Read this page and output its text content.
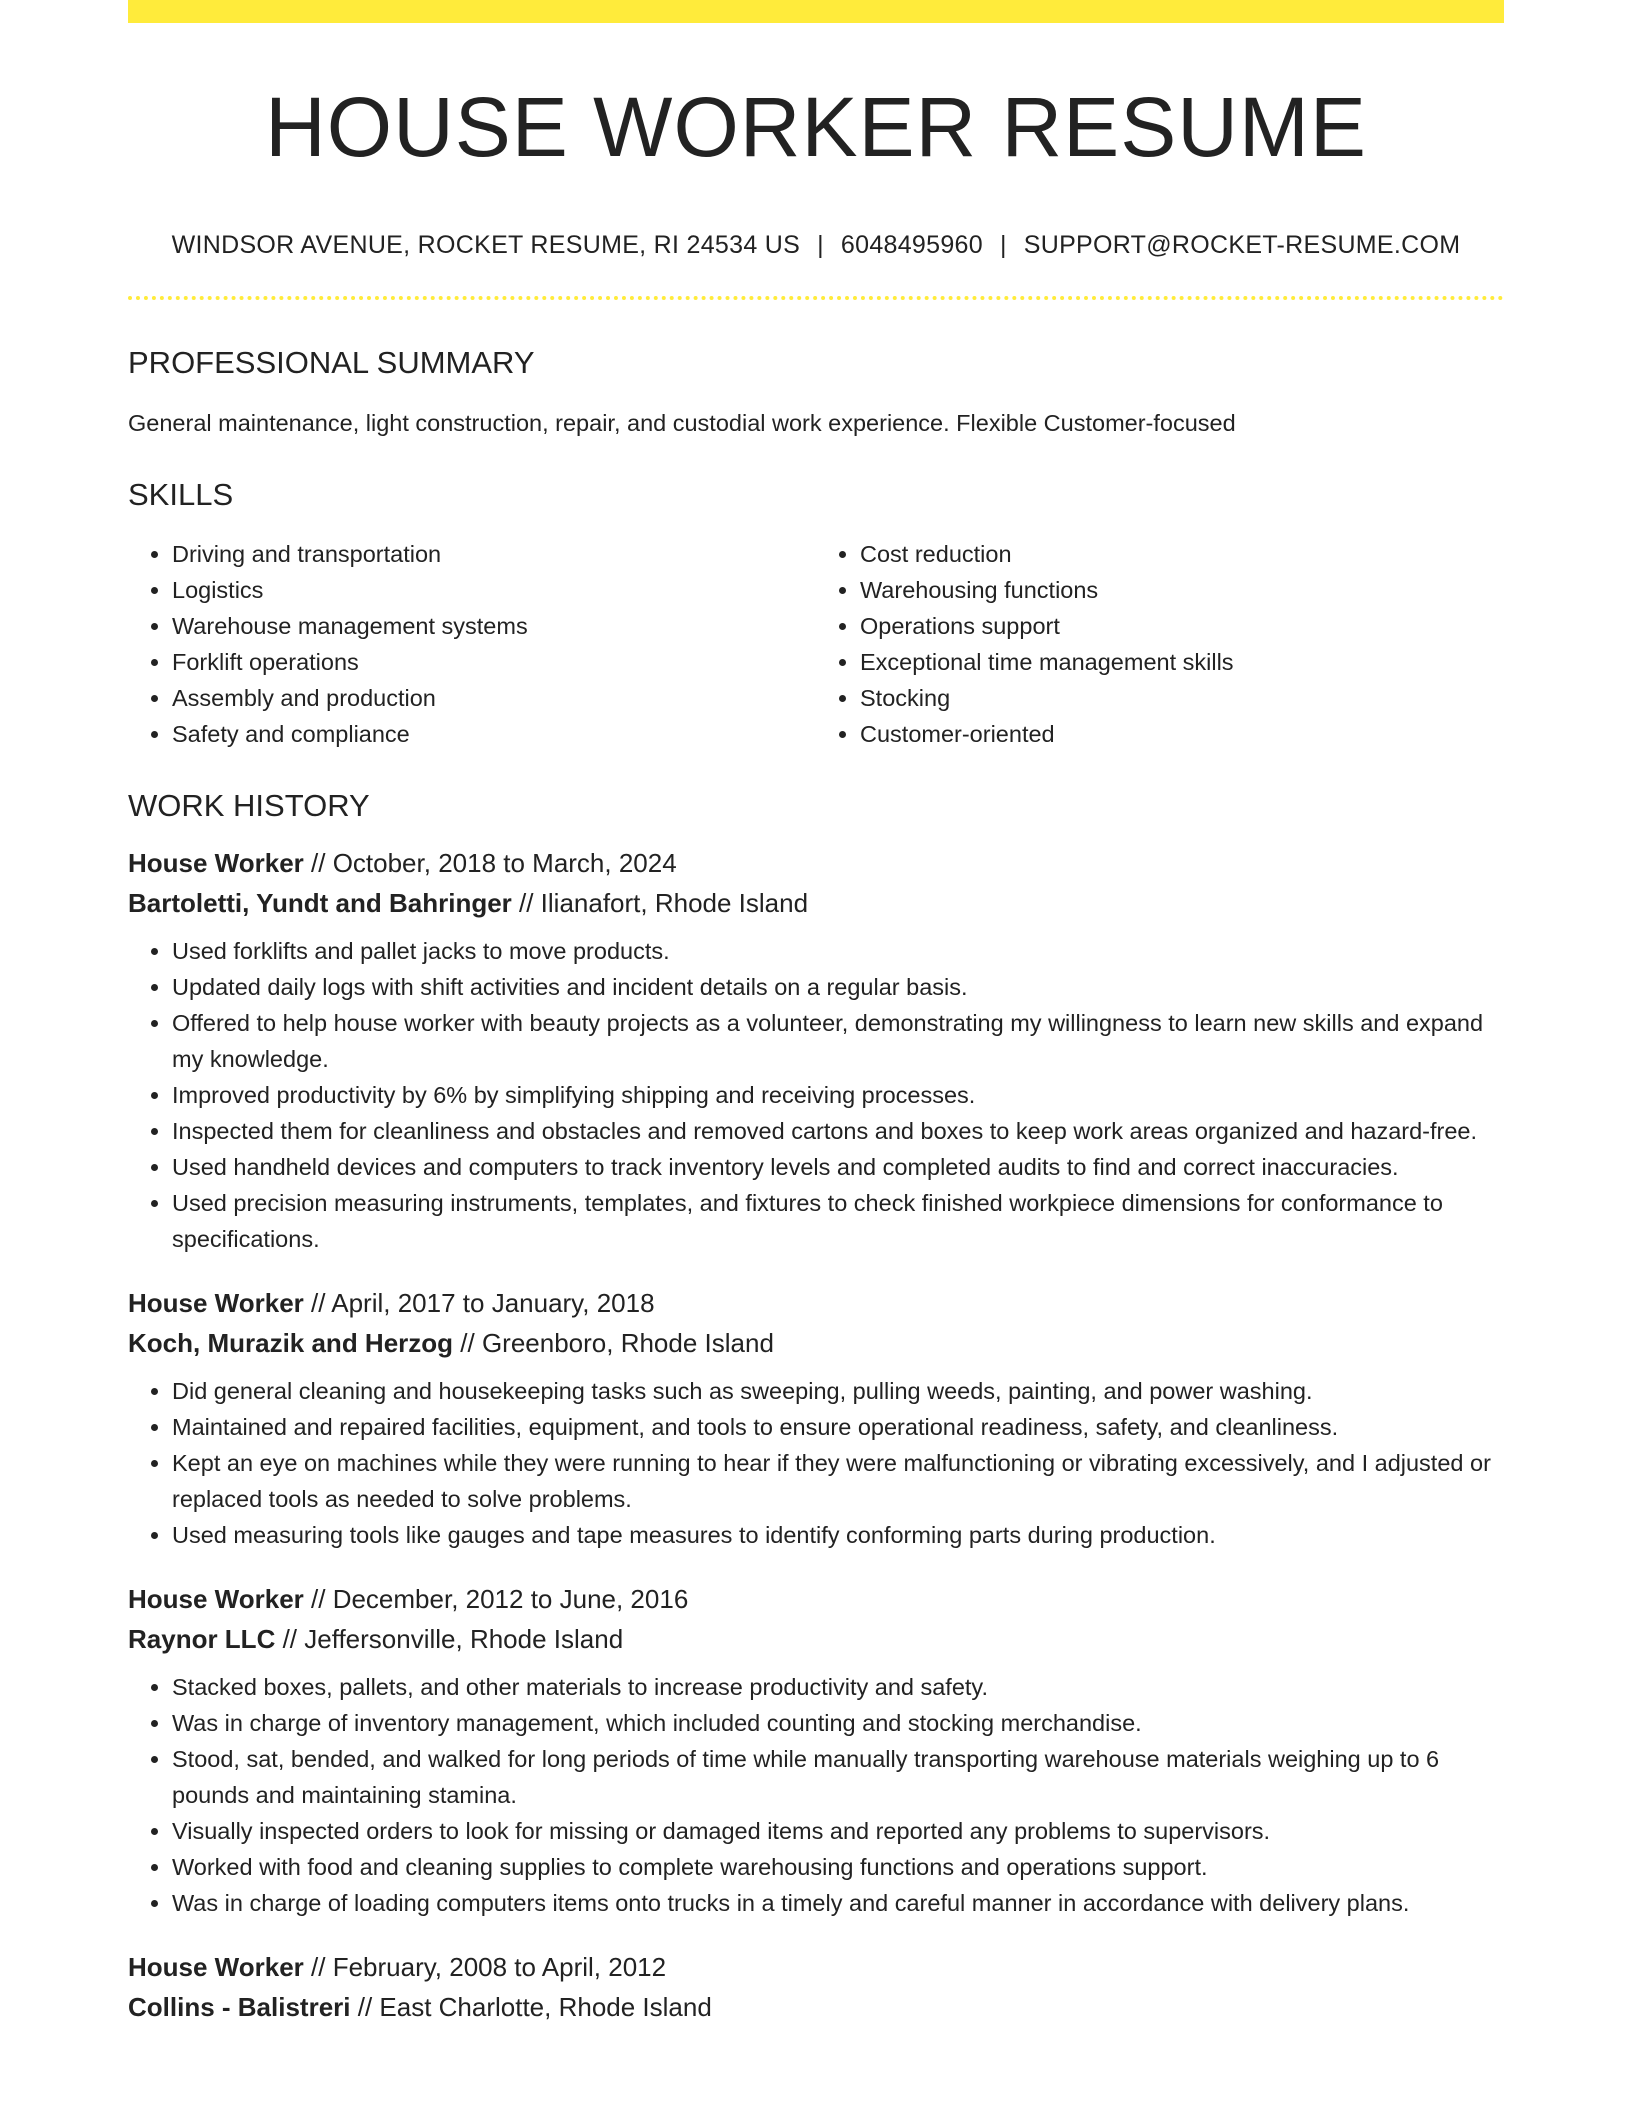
HOUSE WORKER RESUME
WINDSOR AVENUE, ROCKET RESUME, RI 24534 US | 6048495960 | SUPPORT@ROCKET-RESUME.COM
PROFESSIONAL SUMMARY
General maintenance, light construction, repair, and custodial work experience. Flexible Customer-focused
SKILLS
• Driving and transportation
• Logistics
• Warehouse management systems
• Forklift operations
• Assembly and production
• Safety and compliance
• Cost reduction
• Warehousing functions
• Operations support
• Exceptional time management skills
• Stocking
• Customer-oriented
WORK HISTORY
House Worker // October, 2018 to March, 2024
Bartoletti, Yundt and Bahringer // Ilianafort, Rhode Island
• Used forklifts and pallet jacks to move products.
• Updated daily logs with shift activities and incident details on a regular basis.
• Offered to help house worker with beauty projects as a volunteer, demonstrating my willingness to learn new skills and expand my knowledge.
• Improved productivity by 6% by simplifying shipping and receiving processes.
• Inspected them for cleanliness and obstacles and removed cartons and boxes to keep work areas organized and hazard-free.
• Used handheld devices and computers to track inventory levels and completed audits to find and correct inaccuracies.
• Used precision measuring instruments, templates, and fixtures to check finished workpiece dimensions for conformance to specifications.
House Worker // April, 2017 to January, 2018
Koch, Murazik and Herzog // Greenboro, Rhode Island
• Did general cleaning and housekeeping tasks such as sweeping, pulling weeds, painting, and power washing.
• Maintained and repaired facilities, equipment, and tools to ensure operational readiness, safety, and cleanliness.
• Kept an eye on machines while they were running to hear if they were malfunctioning or vibrating excessively, and I adjusted or replaced tools as needed to solve problems.
• Used measuring tools like gauges and tape measures to identify conforming parts during production.
House Worker // December, 2012 to June, 2016
Raynor LLC // Jeffersonville, Rhode Island
• Stacked boxes, pallets, and other materials to increase productivity and safety.
• Was in charge of inventory management, which included counting and stocking merchandise.
• Stood, sat, bended, and walked for long periods of time while manually transporting warehouse materials weighing up to 6 pounds and maintaining stamina.
• Visually inspected orders to look for missing or damaged items and reported any problems to supervisors.
• Worked with food and cleaning supplies to complete warehousing functions and operations support.
• Was in charge of loading computers items onto trucks in a timely and careful manner in accordance with delivery plans.
House Worker // February, 2008 to April, 2012
Collins - Balistreri // East Charlotte, Rhode Island
